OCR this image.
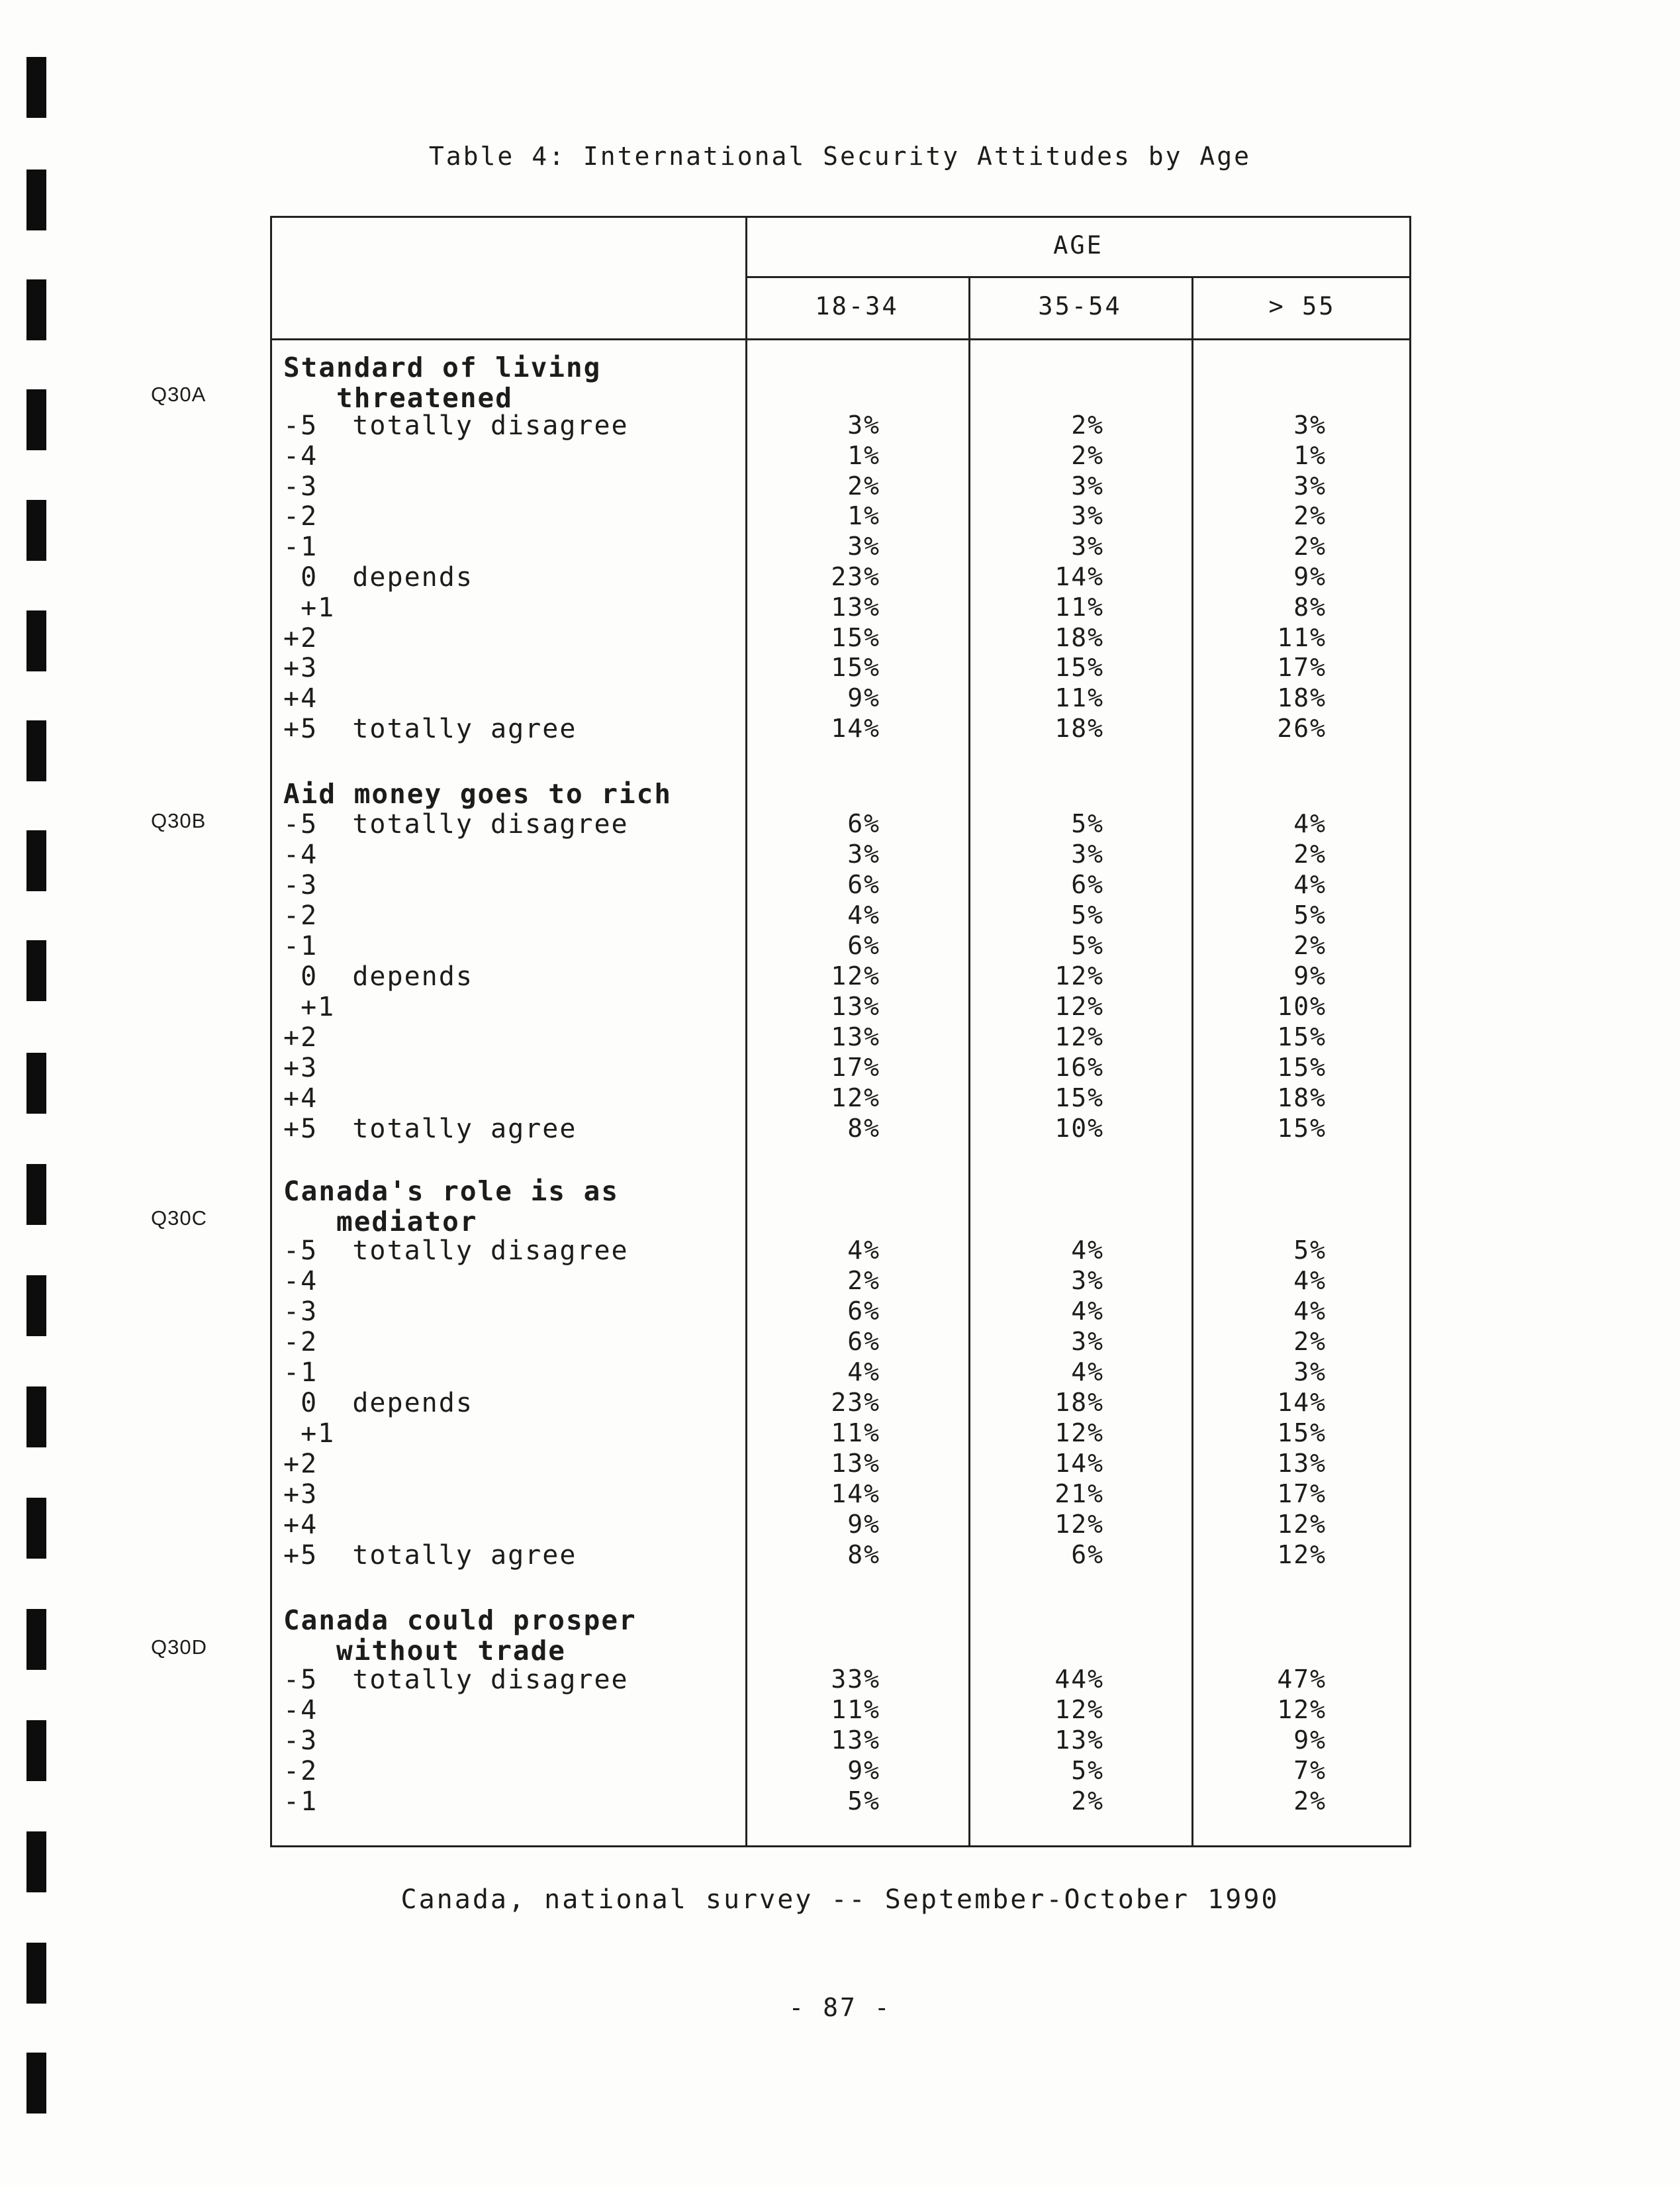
Table 4: International Security Attitudes by Age
AGE
18-34	35-54	> 55
Q30A
Standard of living
threatened
-5  totally disagree	3%	2%	3%
-4	1%	2%	1%
-3	2%	3%	3%
-2	1%	3%	2%
-1	3%	3%	2%
0  depends	23%	14%	9%
+1	13%	11%	8%
+2	15%	18%	11%
+3	15%	15%	17%
+4	9%	11%	18%
+5  totally agree	14%	18%	26%
Q30B
Aid money goes to rich
-5  totally disagree	6%	5%	4%
-4	3%	3%	2%
-3	6%	6%	4%
-2	4%	5%	5%
-1	6%	5%	2%
0  depends	12%	12%	9%
+1	13%	12%	10%
+2	13%	12%	15%
+3	17%	16%	15%
+4	12%	15%	18%
+5  totally agree	8%	10%	15%
Q30C
Canada's role is as
mediator
-5  totally disagree	4%	4%	5%
-4	2%	3%	4%
-3	6%	4%	4%
-2	6%	3%	2%
-1	4%	4%	3%
0  depends	23%	18%	14%
+1	11%	12%	15%
+2	13%	14%	13%
+3	14%	21%	17%
+4	9%	12%	12%
+5  totally agree	8%	6%	12%
Q30D
Canada could prosper
without trade
-5  totally disagree	33%	44%	47%
-4	11%	12%	12%
-3	13%	13%	9%
-2	9%	5%	7%
-1	5%	2%	2%
Canada, national survey -- September-October 1990
- 87 -
